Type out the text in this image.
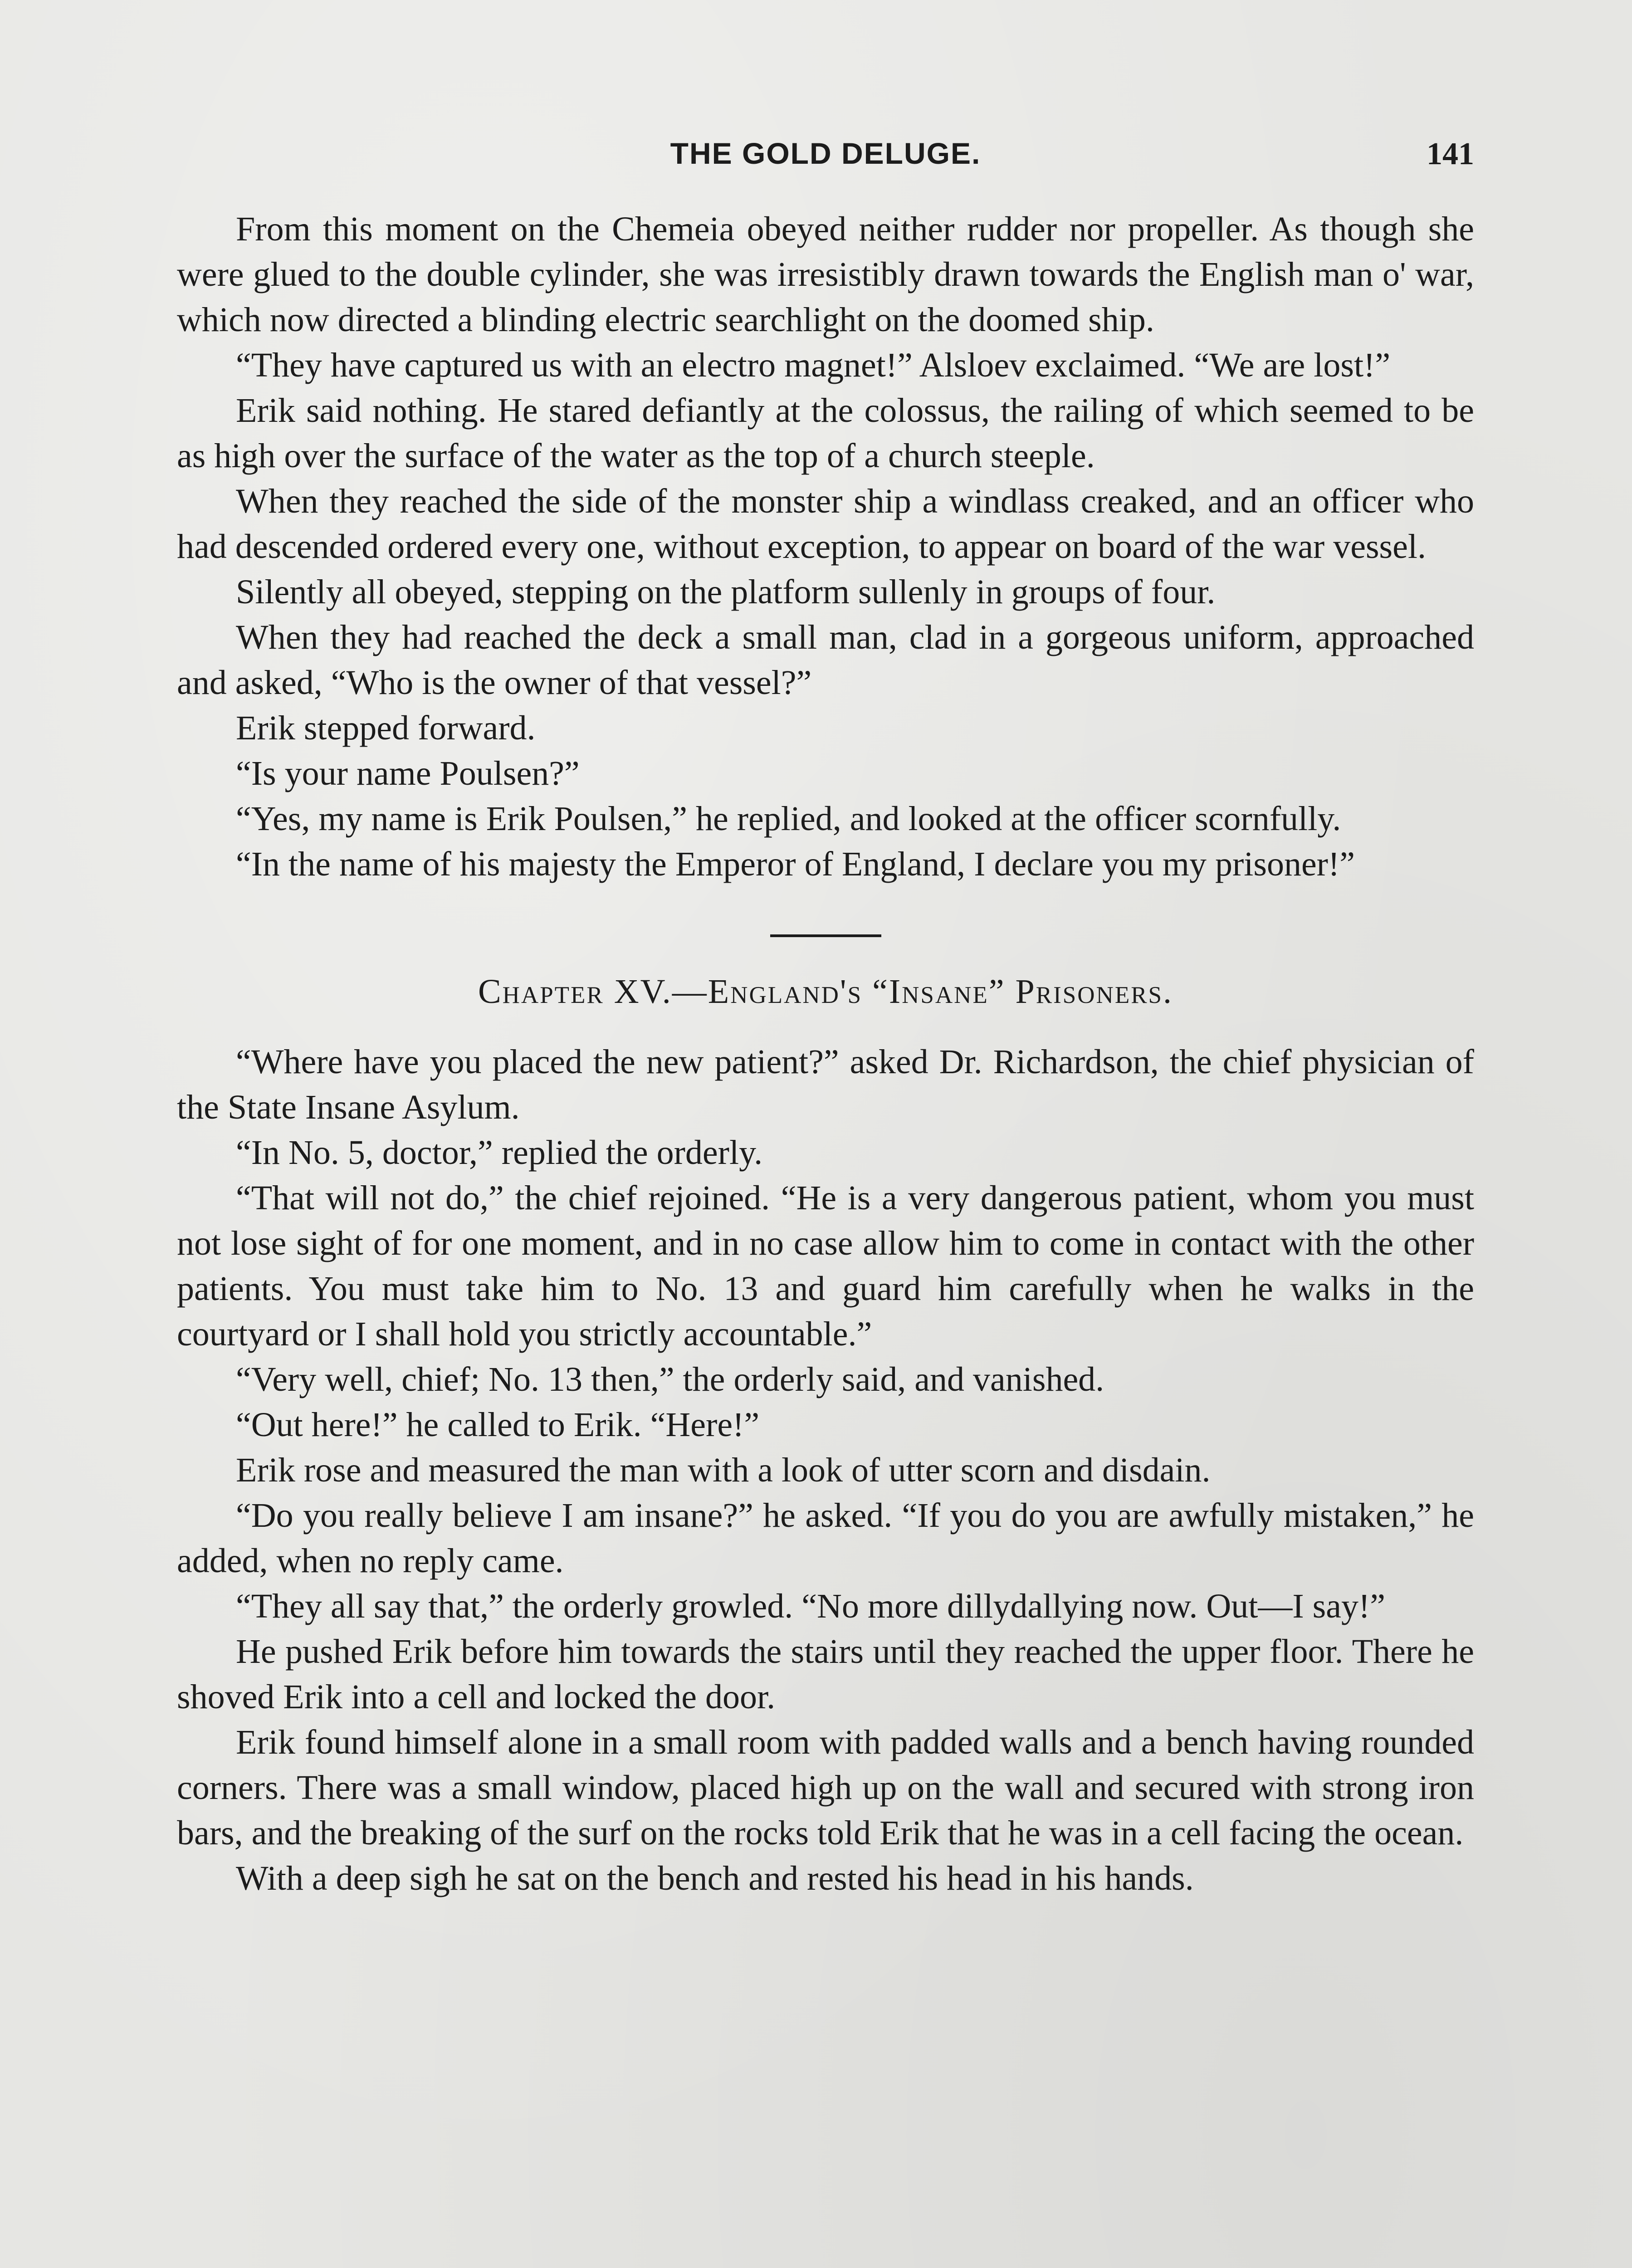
THE GOLD DELUGE.	141

From this moment on the Chemeia obeyed neither rudder nor propeller. As though she were glued to the double cylinder, she was irresistibly drawn towards the English man o' war, which now directed a blinding electric searchlight on the doomed ship.

“They have captured us with an electro magnet!” Alsloev exclaimed. “We are lost!”

Erik said nothing. He stared defiantly at the colossus, the railing of which seemed to be as high over the surface of the water as the top of a church steeple.

When they reached the side of the monster ship a windlass creaked, and an officer who had descended ordered every one, without exception, to appear on board of the war vessel.

Silently all obeyed, stepping on the platform sullenly in groups of four.

When they had reached the deck a small man, clad in a gorgeous uniform, approached and asked, “Who is the owner of that vessel?”

Erik stepped forward.

“Is your name Poulsen?”

“Yes, my name is Erik Poulsen,” he replied, and looked at the officer scornfully.

“In the name of his majesty the Emperor of England, I declare you my prisoner!”

Chapter XV.—England's “Insane” Prisoners.

“Where have you placed the new patient?” asked Dr. Richardson, the chief physician of the State Insane Asylum.

“In No. 5, doctor,” replied the orderly.

“That will not do,” the chief rejoined. “He is a very dangerous patient, whom you must not lose sight of for one moment, and in no case allow him to come in contact with the other patients. You must take him to No. 13 and guard him carefully when he walks in the courtyard or I shall hold you strictly accountable.”

“Very well, chief; No. 13 then,” the orderly said, and vanished.

“Out here!” he called to Erik. “Here!”

Erik rose and measured the man with a look of utter scorn and disdain.

“Do you really believe I am insane?” he asked. “If you do you are awfully mistaken,” he added, when no reply came.

“They all say that,” the orderly growled. “No more dillydallying now. Out—I say!”

He pushed Erik before him towards the stairs until they reached the upper floor. There he shoved Erik into a cell and locked the door.

Erik found himself alone in a small room with padded walls and a bench having rounded corners. There was a small window, placed high up on the wall and secured with strong iron bars, and the breaking of the surf on the rocks told Erik that he was in a cell facing the ocean.

With a deep sigh he sat on the bench and rested his head in his hands.
